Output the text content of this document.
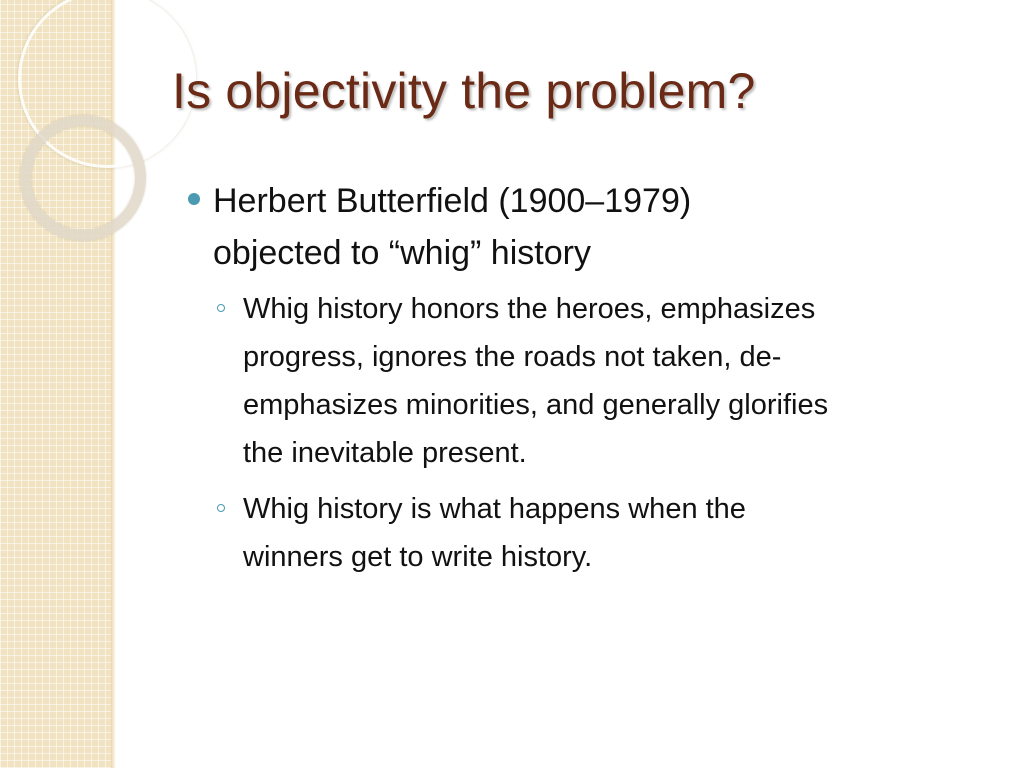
Is objectivity the problem?
Herbert Butterfield (1900–1979)
objected to “whig” history
Whig history honors the heroes, emphasizes
progress, ignores the roads not taken, de-
emphasizes minorities, and generally glorifies
the inevitable present.
Whig history is what happens when the
winners get to write history.
